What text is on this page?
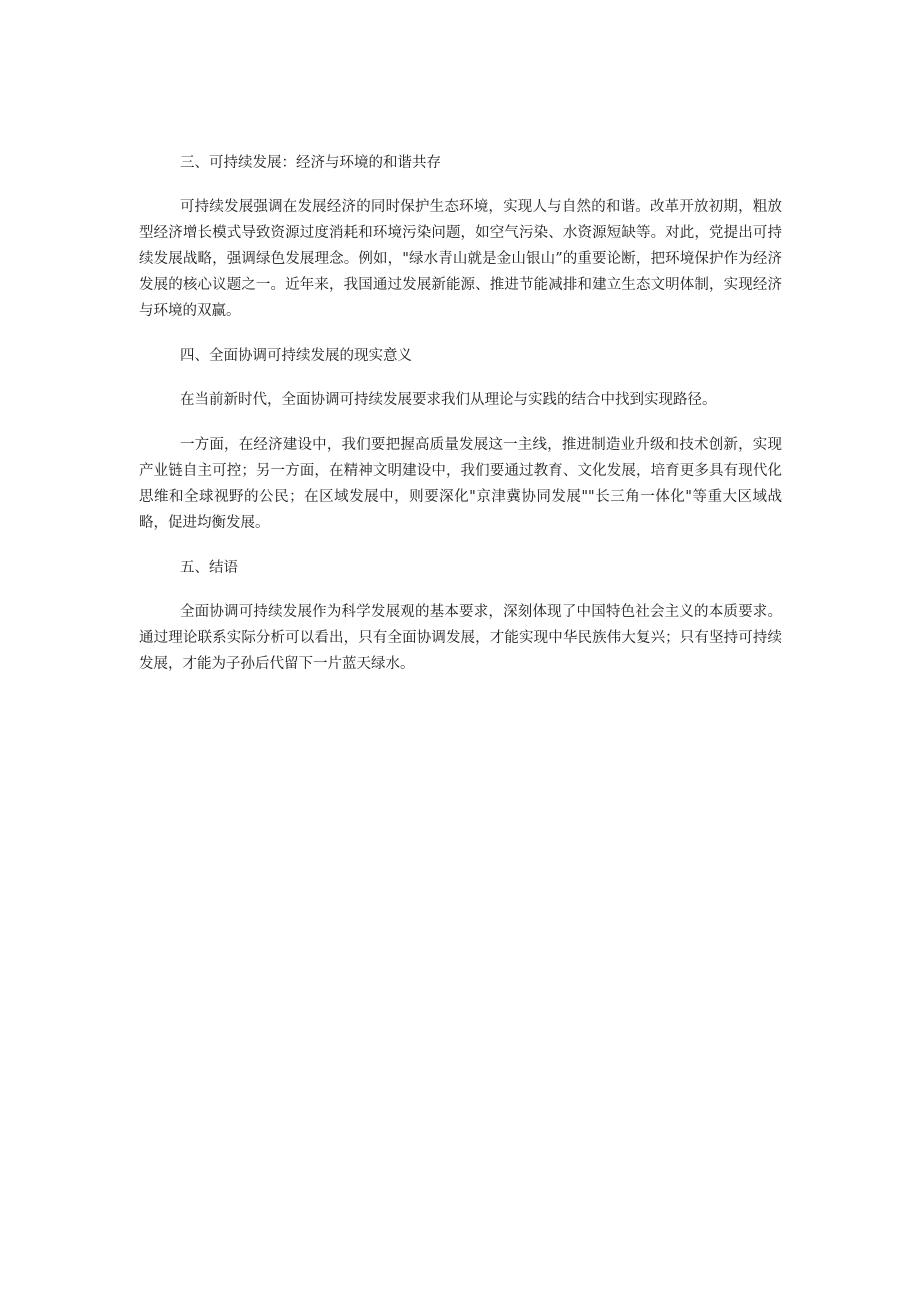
三、可持续发展：经济与环境的和谐共存

可持续发展强调在发展经济的同时保护生态环境，实现人与自然的和谐。改革开放初期，粗放型经济增长模式导致资源过度消耗和环境污染问题，如空气污染、水资源短缺等。对此，党提出可持续发展战略，强调绿色发展理念。例如，"绿水青山就是金山银山”的重要论断，把环境保护作为经济发展的核心议题之一。近年来，我国通过发展新能源、推进节能减排和建立生态文明体制，实现经济与环境的双赢。

四、全面协调可持续发展的现实意义

在当前新时代，全面协调可持续发展要求我们从理论与实践的结合中找到实现路径。

一方面，在经济建设中，我们要把握高质量发展这一主线，推进制造业升级和技术创新，实现产业链自主可控；另一方面，在精神文明建设中，我们要通过教育、文化发展，培育更多具有现代化思维和全球视野的公民；在区域发展中，则要深化"京津冀协同发展""长三角一体化"等重大区域战略，促进均衡发展。

五、结语

全面协调可持续发展作为科学发展观的基本要求，深刻体现了中国特色社会主义的本质要求。通过理论联系实际分析可以看出，只有全面协调发展，才能实现中华民族伟大复兴；只有坚持可持续发展，才能为子孙后代留下一片蓝天绿水。
